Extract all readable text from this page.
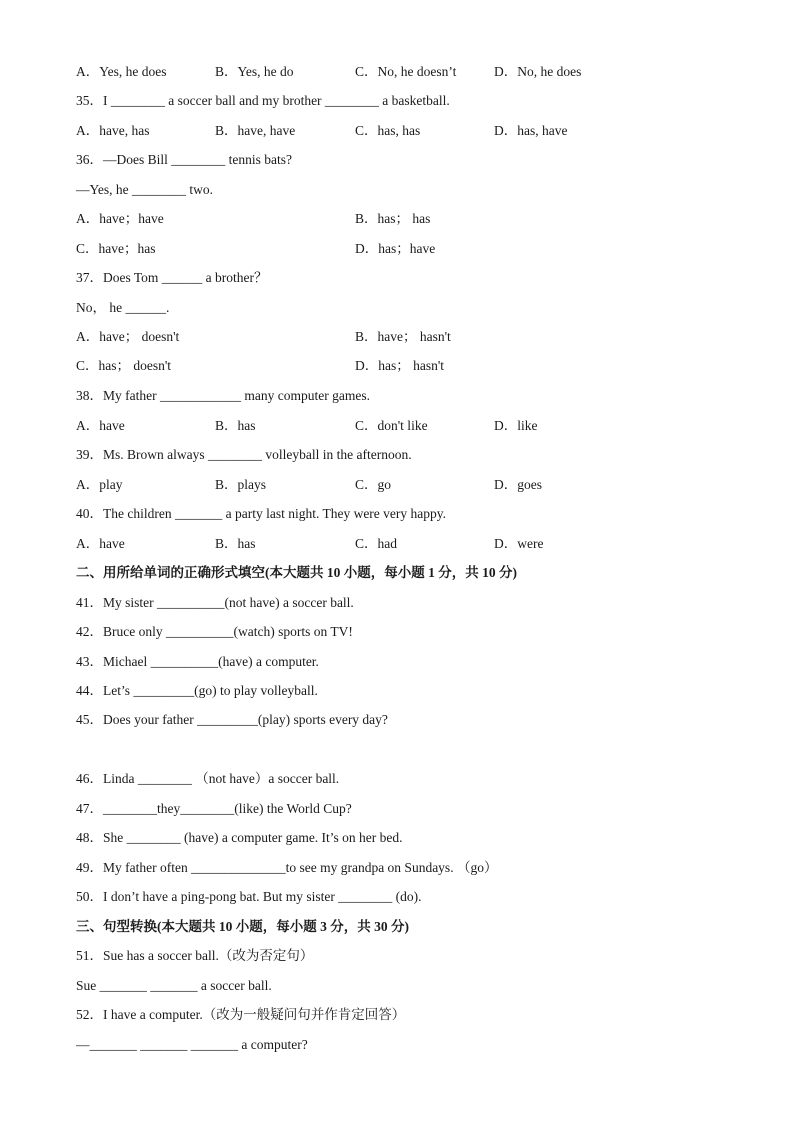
A．Yes, he does	B．Yes, he do	C．No, he doesn’t	D．No, he does
35．I ________ a soccer ball and my brother ________ a basketball.
A．have, has	B．have, have	C．has, has	D．has, have
36．—Does Bill ________ tennis bats?
—Yes, he ________ two.
A．have；have	B．has； has
C．have；has	D．has；have
37．Does Tom ______ a brother？
No， he ______.
A．have； doesn't	B．have； hasn't
C．has； doesn't	D．has； hasn't
38．My father ____________ many computer games.
A．have	B．has	C．don't like	D．like
39．Ms. Brown always ________ volleyball in the afternoon.
A．play	B．plays	C．go	D．goes
40．The children _______ a party last night. They were very happy.
A．have	B．has	C．had	D．were
二、用所给单词的正确形式填空(本大题共 10 小题，每小题 1 分，共 10 分)
41．My sister __________(not have) a soccer ball.
42．Bruce only __________(watch) sports on TV!
43．Michael __________(have) a computer.
44．Let’s _________(go) to play volleyball.
45．Does your father _________(play) sports every day?
46．Linda ________ （not have）a soccer ball.
47．________they________(like) the World Cup?
48．She ________ (have) a computer game. It’s on her bed.
49．My father often ______________to see my grandpa on Sundays. （go）
50．I don’t have a ping-pong bat. But my sister ________ (do).
三、句型转换(本大题共 10 小题，每小题 3 分，共 30 分)
51．Sue has a soccer ball.（改为否定句）
Sue _______ _______ a soccer ball.
52．I have a computer.（改为一般疑问句并作肯定回答）
—_______ _______ _______ a computer?
